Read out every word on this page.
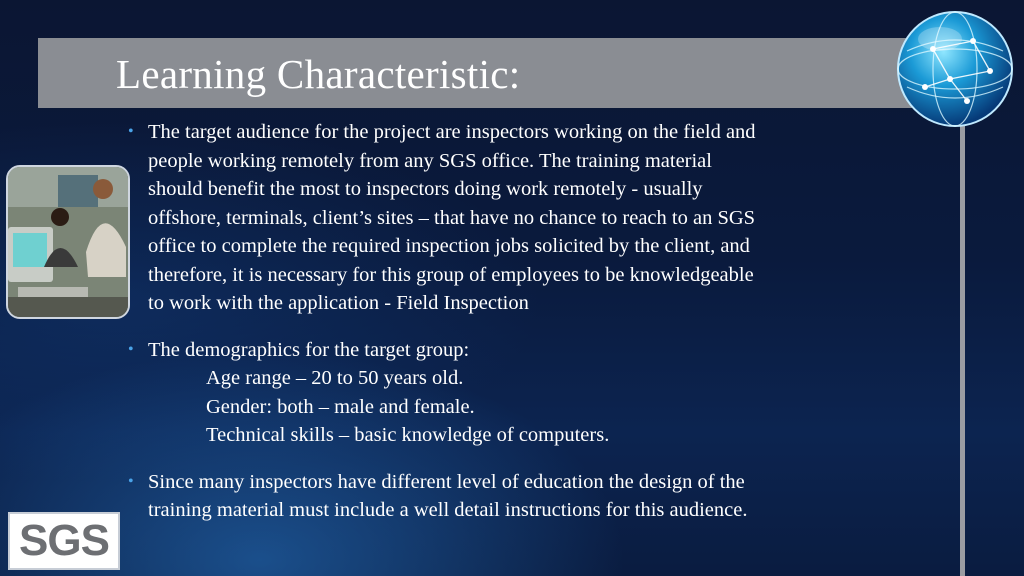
Learning Characteristic:
• The target audience for the project are inspectors working on the field and

people working remotely from any SGS office. The training material

should benefit the most to inspectors doing work remotely - usually

offshore, terminals, client’s sites – that have no chance to reach to an SGS

office to complete the required inspection jobs solicited by the client, and

therefore, it is necessary for this group of employees to be knowledgeable

to work with the application - Field Inspection

• The demographics for the target group:

Age range – 20 to 50 years old.

Gender: both – male and female.

Technical skills – basic knowledge of computers.

• Since many inspectors have different level of education the design of the

training material must include a well detail instructions for this audience.

SGS
